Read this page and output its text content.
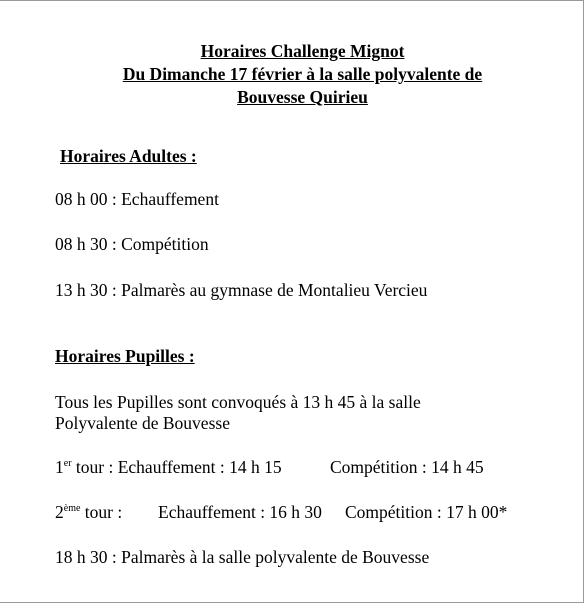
Horaires Challenge Mignot
Du Dimanche 17 février à la salle polyvalente de
Bouvesse Quirieu
Horaires Adultes :
08 h 00 : Echauffement
08 h 30 : Compétition
13 h 30 : Palmarès au gymnase de Montalieu Vercieu
Horaires Pupilles :
Tous les Pupilles sont convoqués à 13 h 45 à la salle
Polyvalente de Bouvesse
1er tour : Echauffement : 14 h 15	Compétition : 14 h 45
2ème tour : Echauffement : 16 h 30 Compétition : 17 h 00*
18 h 30 : Palmarès à la salle polyvalente de Bouvesse
